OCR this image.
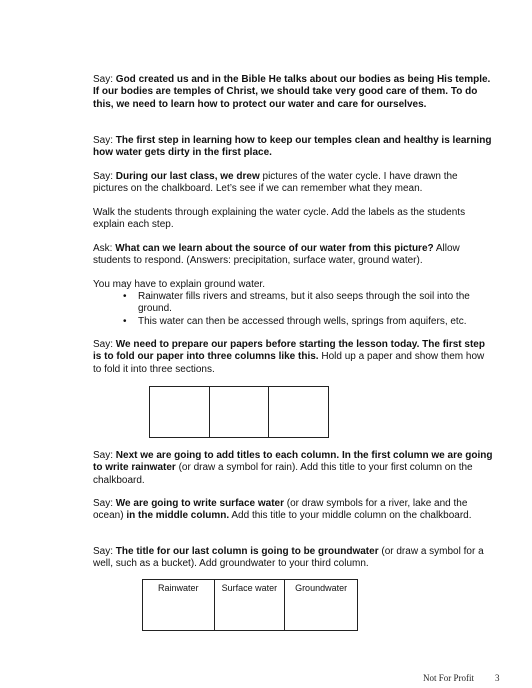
Say: God created us and in the Bible He talks about our bodies as being His temple. If our bodies are temples of Christ, we should take very good care of them. To do this, we need to learn how to protect our water and care for ourselves.

Say: The first step in learning how to keep our temples clean and healthy is learning how water gets dirty in the first place.

Say: During our last class, we drew pictures of the water cycle. I have drawn the pictures on the chalkboard. Let’s see if we can remember what they mean.

Walk the students through explaining the water cycle. Add the labels as the students explain each step.

Ask: What can we learn about the source of our water from this picture? Allow students to respond. (Answers: precipitation, surface water, ground water).

You may have to explain ground water.

• Rainwater fills rivers and streams, but it also seeps through the soil into the ground.
• This water can then be accessed through wells, springs from aquifers, etc.

Say: We need to prepare our papers before starting the lesson today. The first step is to fold our paper into three columns like this. Hold up a paper and show them how to fold it into three sections.

Say: Next we are going to add titles to each column. In the first column we are going to write rainwater (or draw a symbol for rain). Add this title to your first column on the chalkboard.

Say: We are going to write surface water (or draw symbols for a river, lake and the ocean) in the middle column. Add this title to your middle column on the chalkboard.

Say: The title for our last column is going to be groundwater (or draw a symbol for a well, such as a bucket). Add groundwater to your third column.

Rainwater	Surface water	Groundwater
Not For Profit 3
